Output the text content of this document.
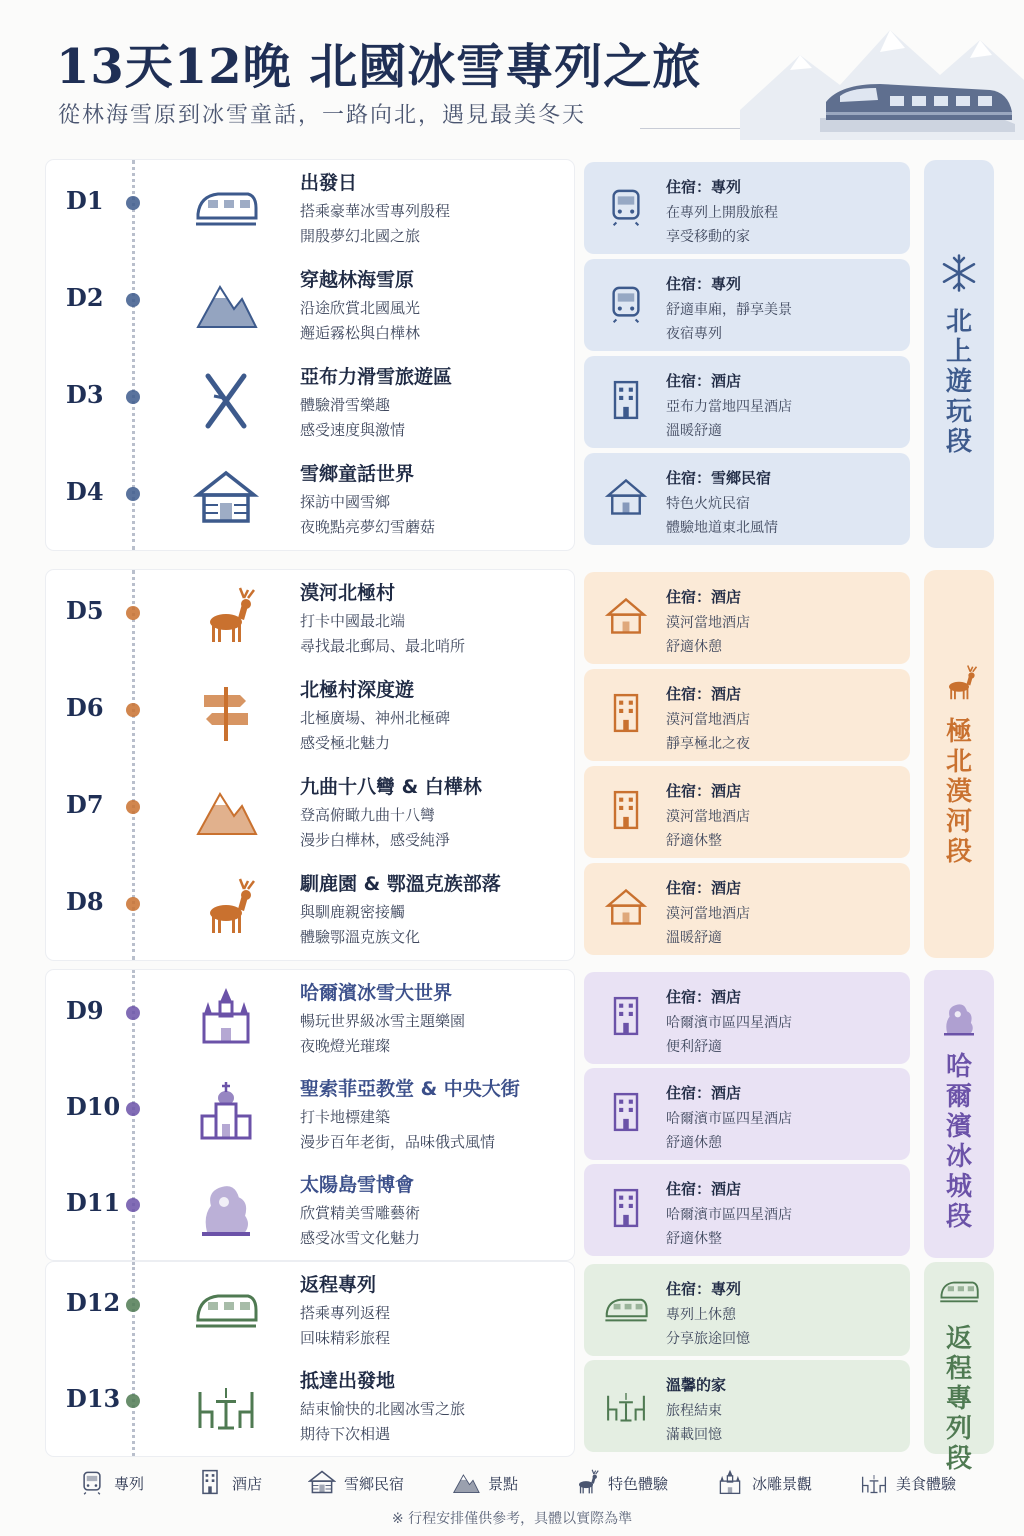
13天12晚 北國冰雪專列之旅
從林海雪原到冰雪童話，一路向北，遇見最美冬天
北上遊玩段
D1
出發日
搭乘豪華冰雪專列殷程
開殷夢幻北國之旅
住宿：專列
在專列上開殷旅程
享受移動的家
D2
穿越林海雪原
沿途欣賞北國風光
邂逅霧松與白樺林
住宿：專列
舒適車廂，靜享美景
夜宿專列
D3
亞布力滑雪旅遊區
體驗滑雪樂趣
感受速度與激情
住宿：酒店
亞布力當地四星酒店
溫暖舒適
D4
雪鄉童話世界
探訪中國雪鄉
夜晚點亮夢幻雪蘑菇
住宿：雪鄉民宿
特色火炕民宿
體驗地道東北風情
極北漠河段
D5
漠河北極村
打卡中國最北端
尋找最北郵局、最北哨所
住宿：酒店
漠河當地酒店
舒適休憩
D6
北極村深度遊
北極廣場、神州北極碑
感受極北魅力
住宿：酒店
漠河當地酒店
靜享極北之夜
D7
九曲十八彎 & 白樺林
登高俯瞰九曲十八彎
漫步白樺林，感受純淨
住宿：酒店
漠河當地酒店
舒適休整
D8
馴鹿園 & 鄂溫克族部落
與馴鹿親密接觸
體驗鄂溫克族文化
住宿：酒店
漠河當地酒店
溫暖舒適
哈爾濱冰城段
D9
哈爾濱冰雪大世界
暢玩世界級冰雪主題樂園
夜晚燈光璀璨
住宿：酒店
哈爾濱市區四星酒店
便利舒適
D10
聖索菲亞教堂 & 中央大街
打卡地標建築
漫步百年老街，品味俄式風情
住宿：酒店
哈爾濱市區四星酒店
舒適休憩
D11
太陽島雪博會
欣賞精美雪雕藝術
感受冰雪文化魅力
住宿：酒店
哈爾濱市區四星酒店
舒適休整
返程專列段
D12
返程專列
搭乘專列返程
回味精彩旅程
住宿：專列
專列上休憩
分享旅途回憶
D13
抵達出發地
結束愉快的北國冰雪之旅
期待下次相遇
溫馨的家
旅程結束
滿載回憶
專列	酒店	雪鄉民宿	景點	特色體驗	冰雕景觀	美食體驗
※ 行程安排僅供參考，具體以實際為準
